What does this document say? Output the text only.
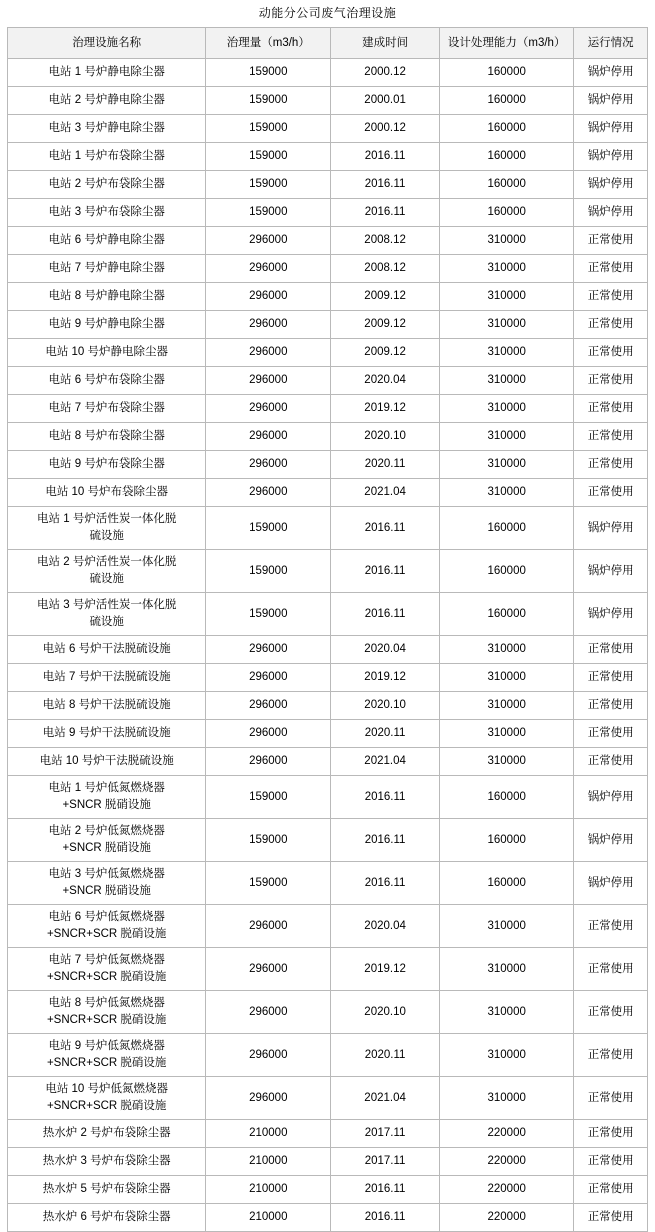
动能分公司废气治理设施
治理设施名称	治理量（m3/h）	建成时间	设计处理能力（m3/h）	运行情况
电站 1 号炉静电除尘器	159000	2000.12	160000	锅炉停用
电站 2 号炉静电除尘器	159000	2000.01	160000	锅炉停用
电站 3 号炉静电除尘器	159000	2000.12	160000	锅炉停用
电站 1 号炉布袋除尘器	159000	2016.11	160000	锅炉停用
电站 2 号炉布袋除尘器	159000	2016.11	160000	锅炉停用
电站 3 号炉布袋除尘器	159000	2016.11	160000	锅炉停用
电站 6 号炉静电除尘器	296000	2008.12	310000	正常使用
电站 7 号炉静电除尘器	296000	2008.12	310000	正常使用
电站 8 号炉静电除尘器	296000	2009.12	310000	正常使用
电站 9 号炉静电除尘器	296000	2009.12	310000	正常使用
电站 10 号炉静电除尘器	296000	2009.12	310000	正常使用
电站 6 号炉布袋除尘器	296000	2020.04	310000	正常使用
电站 7 号炉布袋除尘器	296000	2019.12	310000	正常使用
电站 8 号炉布袋除尘器	296000	2020.10	310000	正常使用
电站 9 号炉布袋除尘器	296000	2020.11	310000	正常使用
电站 10 号炉布袋除尘器	296000	2021.04	310000	正常使用
电站 1 号炉活性炭一体化脱
硫设施	159000	2016.11	160000	锅炉停用
电站 2 号炉活性炭一体化脱
硫设施	159000	2016.11	160000	锅炉停用
电站 3 号炉活性炭一体化脱
硫设施	159000	2016.11	160000	锅炉停用
电站 6 号炉干法脱硫设施	296000	2020.04	310000	正常使用
电站 7 号炉干法脱硫设施	296000	2019.12	310000	正常使用
电站 8 号炉干法脱硫设施	296000	2020.10	310000	正常使用
电站 9 号炉干法脱硫设施	296000	2020.11	310000	正常使用
电站 10 号炉干法脱硫设施	296000	2021.04	310000	正常使用
电站 1 号炉低氮燃烧器
+SNCR 脱硝设施	159000	2016.11	160000	锅炉停用
电站 2 号炉低氮燃烧器
+SNCR 脱硝设施	159000	2016.11	160000	锅炉停用
电站 3 号炉低氮燃烧器
+SNCR 脱硝设施	159000	2016.11	160000	锅炉停用
电站 6 号炉低氮燃烧器
+SNCR+SCR 脱硝设施	296000	2020.04	310000	正常使用
电站 7 号炉低氮燃烧器
+SNCR+SCR 脱硝设施	296000	2019.12	310000	正常使用
电站 8 号炉低氮燃烧器
+SNCR+SCR 脱硝设施	296000	2020.10	310000	正常使用
电站 9 号炉低氮燃烧器
+SNCR+SCR 脱硝设施	296000	2020.11	310000	正常使用
电站 10 号炉低氮燃烧器
+SNCR+SCR 脱硝设施	296000	2021.04	310000	正常使用
热水炉 2 号炉布袋除尘器	210000	2017.11	220000	正常使用
热水炉 3 号炉布袋除尘器	210000	2017.11	220000	正常使用
热水炉 5 号炉布袋除尘器	210000	2016.11	220000	正常使用
热水炉 6 号炉布袋除尘器	210000	2016.11	220000	正常使用
